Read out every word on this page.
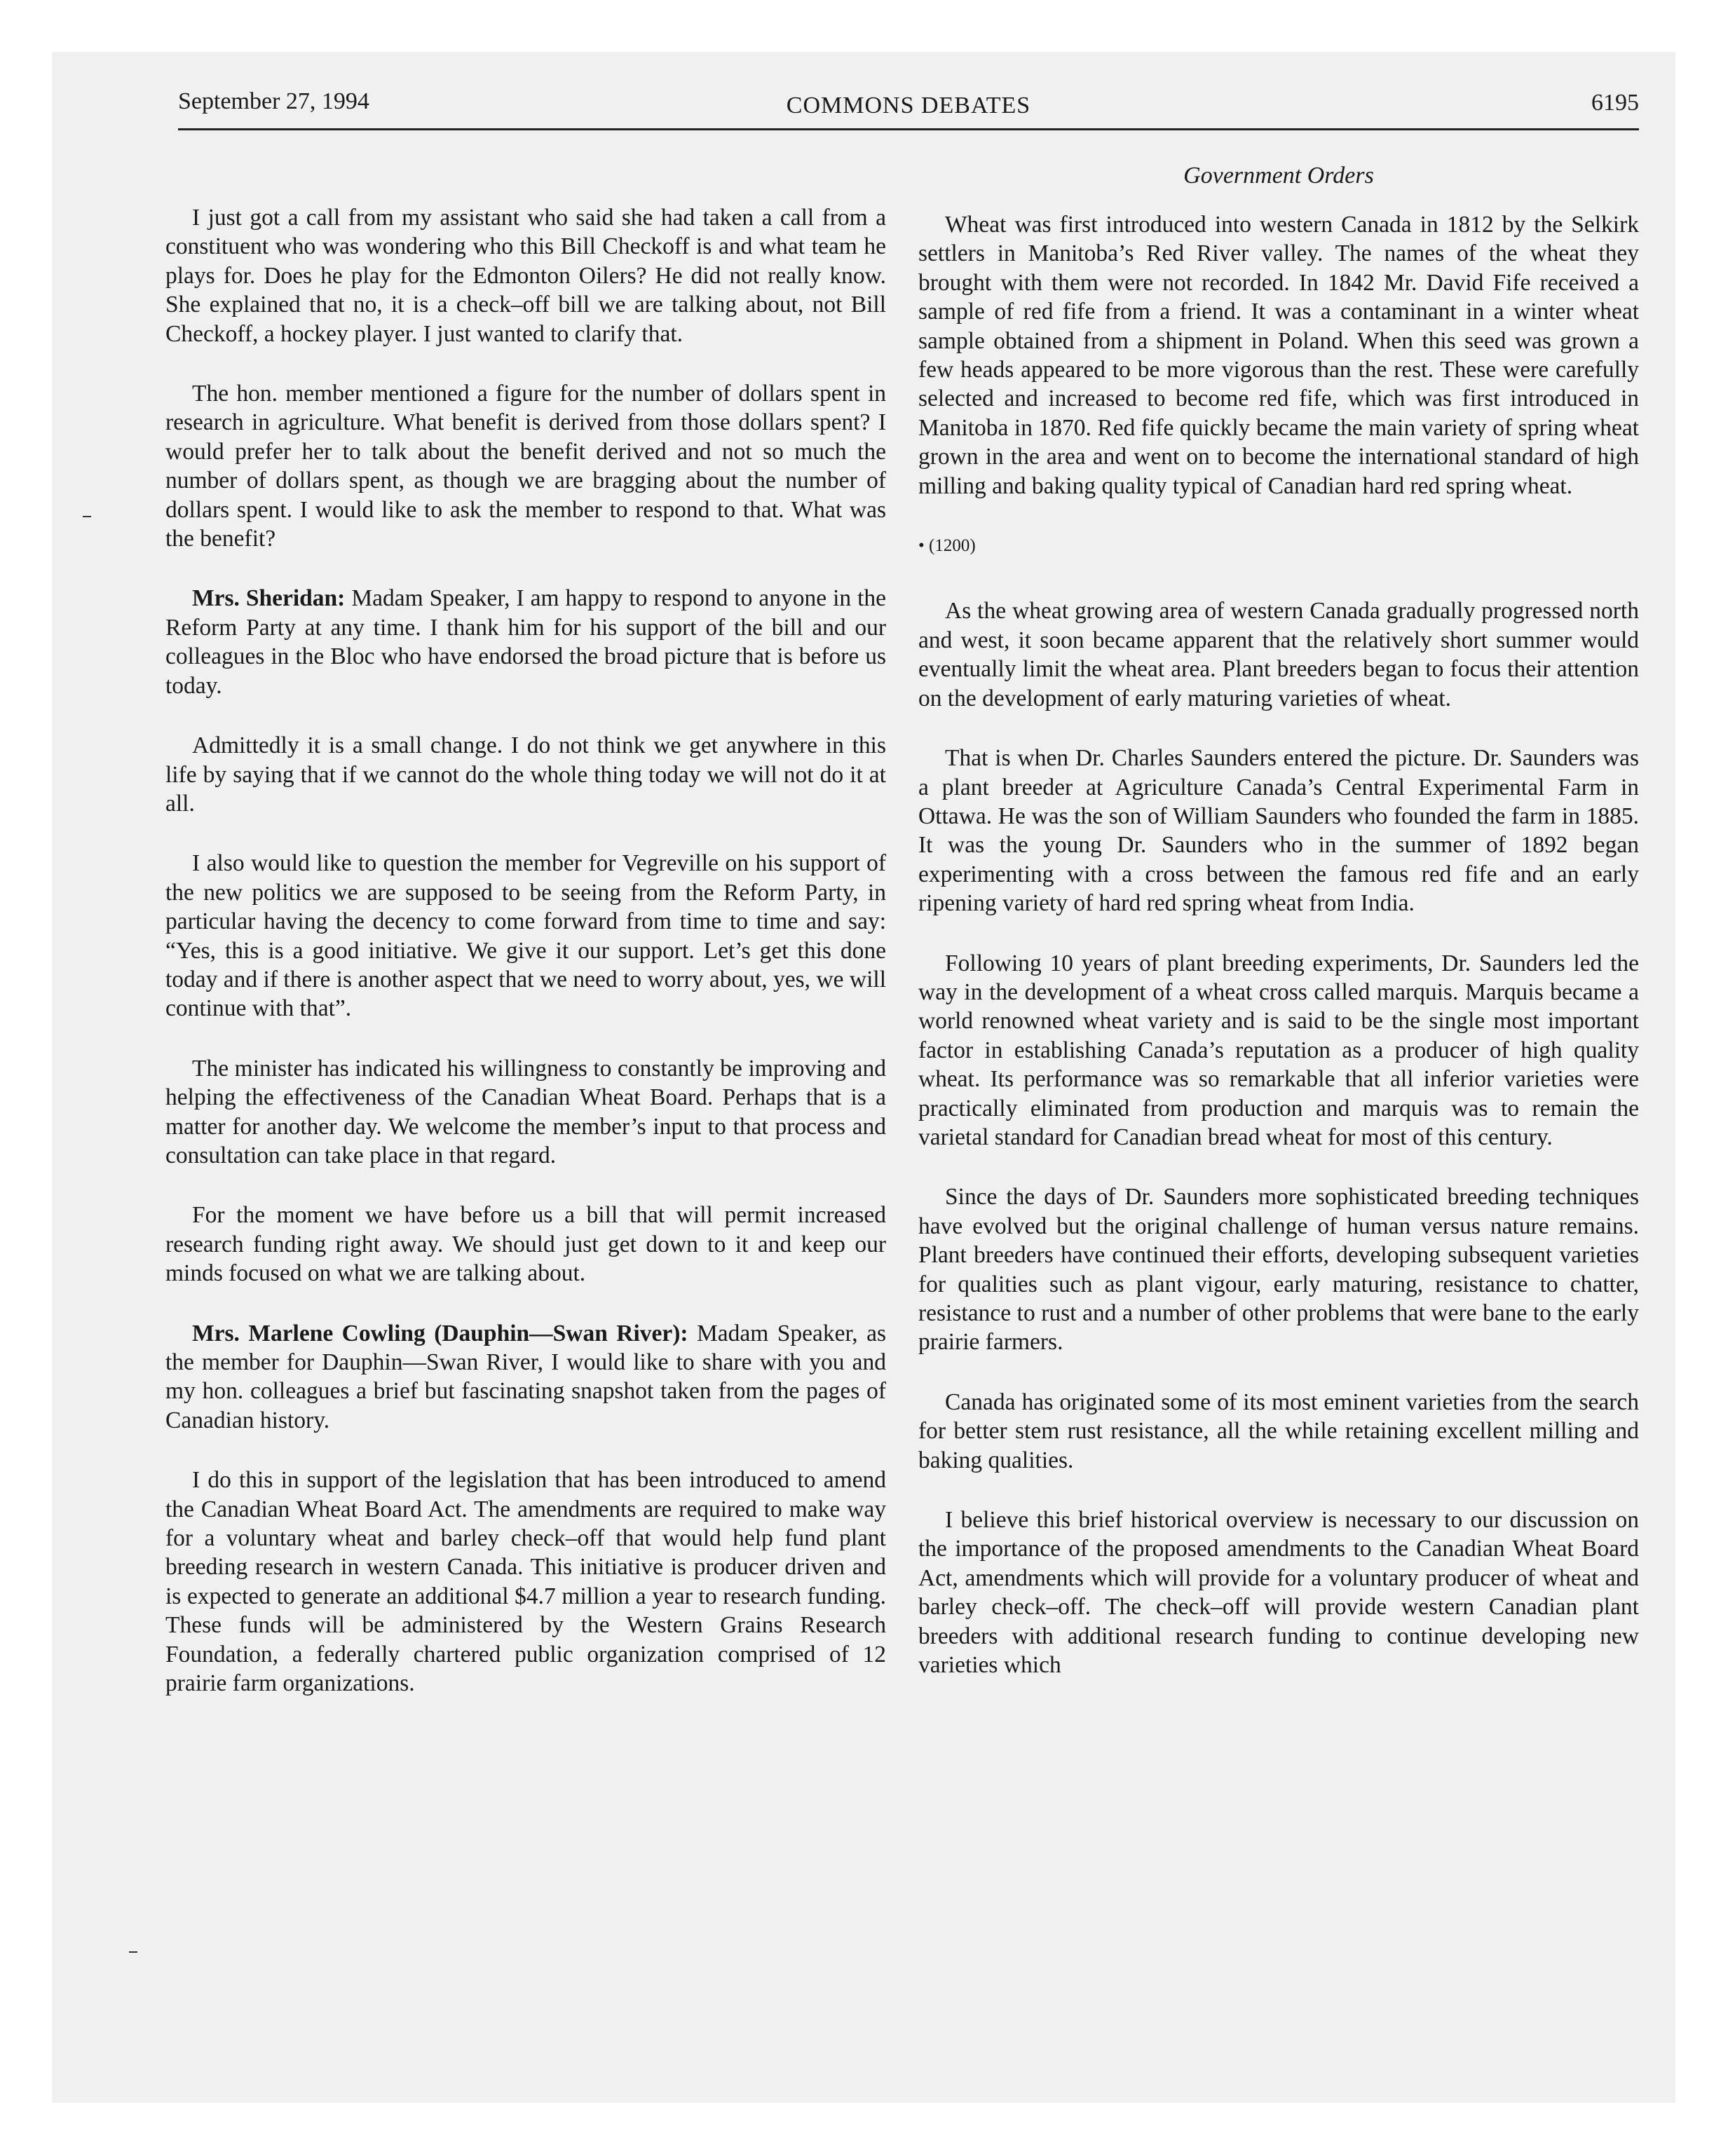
September 27, 1994	COMMONS DEBATES	6195
Government Orders

I just got a call from my assistant who said she had taken a call from a constituent who was wondering who this Bill Checkoff is and what team he plays for. Does he play for the Edmonton Oilers? He did not really know. She explained that no, it is a check–off bill we are talking about, not Bill Checkoff, a hockey player. I just wanted to clarify that.

The hon. member mentioned a figure for the number of dollars spent in research in agriculture. What benefit is derived from those dollars spent? I would prefer her to talk about the benefit derived and not so much the number of dollars spent, as though we are bragging about the number of dollars spent. I would like to ask the member to respond to that. What was the benefit?

Mrs. Sheridan: Madam Speaker, I am happy to respond to anyone in the Reform Party at any time. I thank him for his support of the bill and our colleagues in the Bloc who have endorsed the broad picture that is before us today.

Admittedly it is a small change. I do not think we get anywhere in this life by saying that if we cannot do the whole thing today we will not do it at all.

I also would like to question the member for Vegreville on his support of the new politics we are supposed to be seeing from the Reform Party, in particular having the decency to come forward from time to time and say: “Yes, this is a good initiative. We give it our support. Let’s get this done today and if there is another aspect that we need to worry about, yes, we will continue with that”.

The minister has indicated his willingness to constantly be improving and helping the effectiveness of the Canadian Wheat Board. Perhaps that is a matter for another day. We welcome the member’s input to that process and consultation can take place in that regard.

For the moment we have before us a bill that will permit increased research funding right away. We should just get down to it and keep our minds focused on what we are talking about.

Mrs. Marlene Cowling (Dauphin—Swan River): Madam Speaker, as the member for Dauphin—Swan River, I would like to share with you and my hon. colleagues a brief but fascinating snapshot taken from the pages of Canadian history.

I do this in support of the legislation that has been introduced to amend the Canadian Wheat Board Act. The amendments are required to make way for a voluntary wheat and barley check–off that would help fund plant breeding research in western Canada. This initiative is producer driven and is expected to generate an additional $4.7 million a year to research funding. These funds will be administered by the Western Grains Research Foundation, a federally chartered public organization comprised of 12 prairie farm organizations.

Wheat was first introduced into western Canada in 1812 by the Selkirk settlers in Manitoba’s Red River valley. The names of the wheat they brought with them were not recorded. In 1842 Mr. David Fife received a sample of red fife from a friend. It was a contaminant in a winter wheat sample obtained from a shipment in Poland. When this seed was grown a few heads appeared to be more vigorous than the rest. These were carefully selected and increased to become red fife, which was first introduced in Manitoba in 1870. Red fife quickly became the main variety of spring wheat grown in the area and went on to become the international standard of high milling and baking quality typical of Canadian hard red spring wheat.

• (1200)

As the wheat growing area of western Canada gradually progressed north and west, it soon became apparent that the relatively short summer would eventually limit the wheat area. Plant breeders began to focus their attention on the development of early maturing varieties of wheat.

That is when Dr. Charles Saunders entered the picture. Dr. Saunders was a plant breeder at Agriculture Canada’s Central Experimental Farm in Ottawa. He was the son of William Saunders who founded the farm in 1885. It was the young Dr. Saunders who in the summer of 1892 began experimenting with a cross between the famous red fife and an early ripening variety of hard red spring wheat from India.

Following 10 years of plant breeding experiments, Dr. Saunders led the way in the development of a wheat cross called marquis. Marquis became a world renowned wheat variety and is said to be the single most important factor in establishing Canada’s reputation as a producer of high quality wheat. Its performance was so remarkable that all inferior varieties were practically eliminated from production and marquis was to remain the varietal standard for Canadian bread wheat for most of this century.

Since the days of Dr. Saunders more sophisticated breeding techniques have evolved but the original challenge of human versus nature remains. Plant breeders have continued their efforts, developing subsequent varieties for qualities such as plant vigour, early maturing, resistance to chatter, resistance to rust and a number of other problems that were bane to the early prairie farmers.

Canada has originated some of its most eminent varieties from the search for better stem rust resistance, all the while retaining excellent milling and baking qualities.

I believe this brief historical overview is necessary to our discussion on the importance of the proposed amendments to the Canadian Wheat Board Act, amendments which will provide for a voluntary producer of wheat and barley check–off. The check–off will provide western Canadian plant breeders with additional research funding to continue developing new varieties which
